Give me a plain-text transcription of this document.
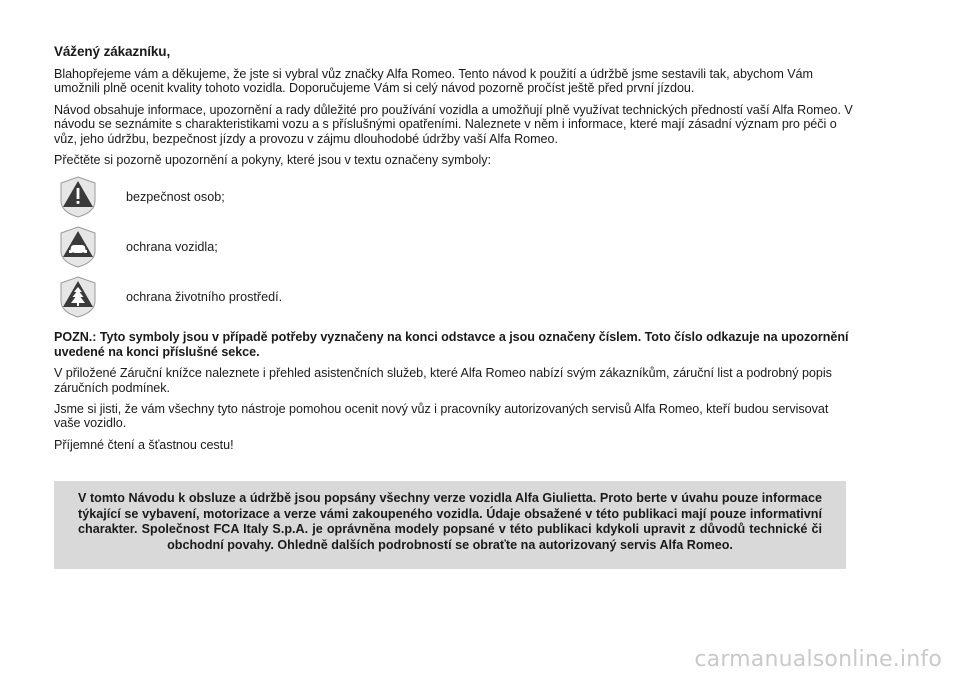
Vážený zákazníku,

Blahopřejeme vám a děkujeme, že jste si vybral vůz značky Alfa Romeo. Tento návod k použití a údržbě jsme sestavili tak, abychom Vám umožnili plně ocenit kvality tohoto vozidla. Doporučujeme Vám si celý návod pozorně pročíst ještě před první jízdou.

Návod obsahuje informace, upozornění a rady důležité pro používání vozidla a umožňují plně využívat technických předností vaší Alfa Romeo. V návodu se seznámite s charakteristikami vozu a s příslušnými opatřeními. Naleznete v něm i informace, které mají zásadní význam pro péči o vůz, jeho údržbu, bezpečnost jízdy a provozu v zájmu dlouhodobé údržby vaší Alfa Romeo.

Přečtěte si pozorně upozornění a pokyny, které jsou v textu označeny symboly:

bezpečnost osob;
ochrana vozidla;
ochrana životního prostředí.

POZN.: Tyto symboly jsou v případě potřeby vyznačeny na konci odstavce a jsou označeny číslem. Toto číslo odkazuje na upozornění uvedené na konci příslušné sekce.

V přiložené Záruční knížce naleznete i přehled asistenčních služeb, které Alfa Romeo nabízí svým zákazníkům, záruční list a podrobný popis záručních podmínek.

Jsme si jisti, že vám všechny tyto nástroje pomohou ocenit nový vůz i pracovníky autorizovaných servisů Alfa Romeo, kteří budou servisovat vaše vozidlo.

Příjemné čtení a šťastnou cestu!

V tomto Návodu k obsluze a údržbě jsou popsány všechny verze vozidla Alfa Giulietta. Proto berte v úvahu pouze informace týkající se vybavení, motorizace a verze vámi zakoupeného vozidla. Údaje obsažené v této publikaci mají pouze informativní charakter. Společnost FCA Italy S.p.A. je oprávněna modely popsané v této publikaci kdykoli upravit z důvodů technické či obchodní povahy. Ohledně dalších podrobností se obraťte na autorizovaný servis Alfa Romeo.
carmanualsonline.info
